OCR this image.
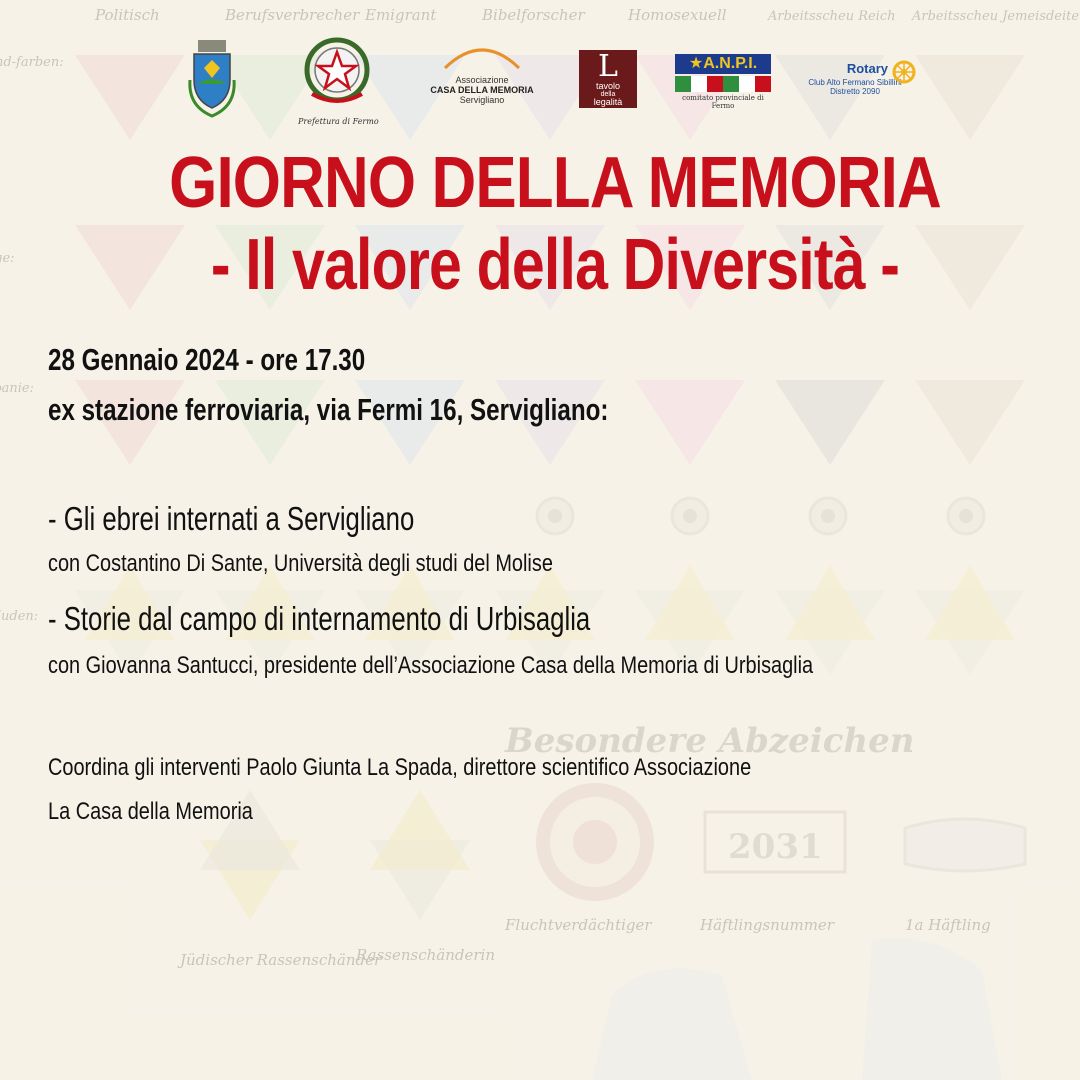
Prefettura di Fermo
Associazione
CASA DELLA MEMORIA
Servigliano
L
tavolo
della
legalità
★A.N.P.I.
comitato provinciale di Fermo
Rotary
Club Alto Fermano Sibillini
Distretto 2090
GIORNO DELLA MEMORIA
- Il valore della Diversità -
28 Gennaio 2024 - ore 17.30
ex stazione ferroviaria, via Fermi 16, Servigliano:
- Gli ebrei internati a Servigliano
con Costantino Di Sante, Università degli studi del Molise
- Storie dal campo di internamento di Urbisaglia
con Giovanna Santucci, presidente dell’Associazione Casa della Memoria di Urbisaglia
Coordina gli interventi Paolo Giunta La Spada, direttore scientifico Associazione
La Casa della Memoria
